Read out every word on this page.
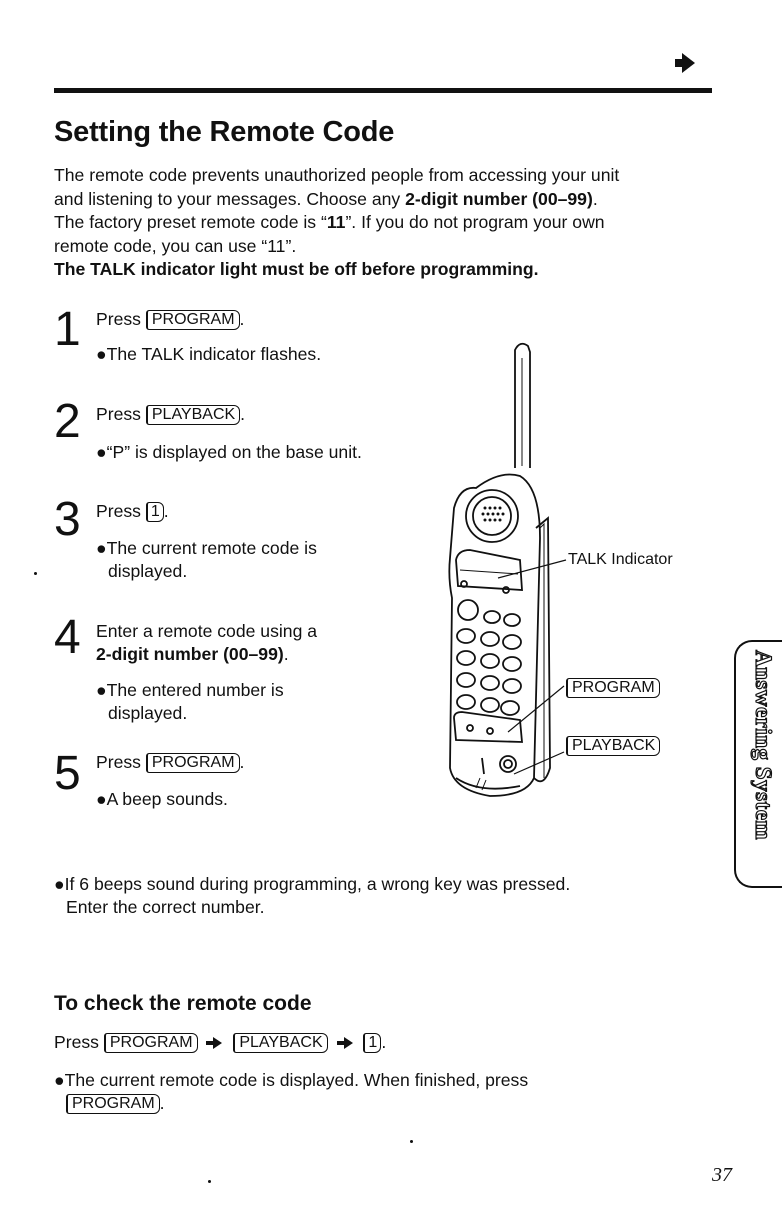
Setting the Remote Code

The remote code prevents unauthorized people from accessing your unit

and listening to your messages. Choose any 2-digit number (00–99).

The factory preset remote code is “11”. If you do not program your own

remote code, you can use “11”.

The TALK indicator light must be off before programming.

1 Press PROGRAM .
●The TALK indicator flashes.
2 Press PLAYBACK .
●“P” is displayed on the base unit.
3 Press 1 .
●The current remote code is
displayed.
4 Enter a remote code using a
2-digit number (00–99).
●The entered number is
displayed.
5 Press PROGRAM .
●A beep sounds.
TALK Indicator
PROGRAM
PLAYBACK	Answering System
●If 6 beeps sound during programming, a wrong key was pressed.
Enter the correct number.
To check the remote code
Press PROGRAM	PLAYBACK	1 .
●The current remote code is displayed. When finished, press
PROGRAM .
37
